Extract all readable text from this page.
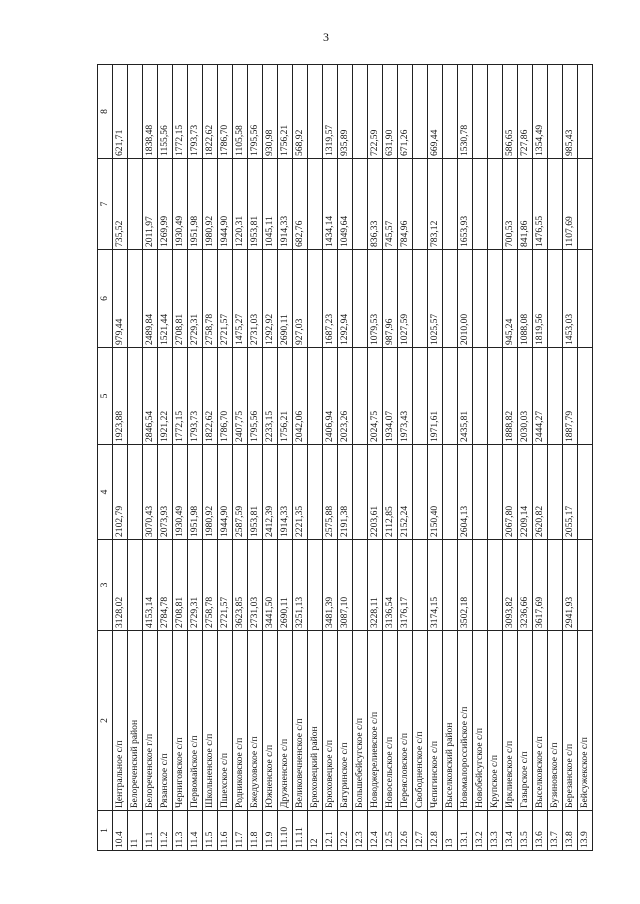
3
1	2	3	4	5	6	7	8
10.4	Центральное с/п	3128,02	2102,79	1923,88	979,44	735,52	621,71
11	Белореченский район						
11.1	Белореченское г/п	4153,14	3070,43	2846,54	2489,84	2011,97	1838,48
11.2	Рязанское с/п	2784,78	2073,93	1921,22	1521,44	1269,99	1155,56
11.3	Черниговское с/п	2708,81	1930,49	1772,15	2708,81	1930,49	1772,15
11.4	Первомайское с/п	2729,31	1951,98	1793,73	2729,31	1951,98	1793,73
11.5	Школьненское с/п	2758,78	1980,92	1822,62	2758,78	1980,92	1822,62
11.6	Пшехское с/п	2721,57	1944,90	1786,70	2721,57	1944,90	1786,70
11.7	Родниковское с/п	3623,85	2587,59	2407,75	1475,27	1220,31	1105,58
11.8	Бжедуховское с/п	2731,03	1953,81	1795,56	2731,03	1953,81	1795,56
11.9	Южненское с/п	3441,50	2412,39	2233,15	1292,92	1045,11	930,98
11.10	Дружненское с/п	2690,11	1914,33	1756,21	2690,11	1914,33	1756,21
11.11	Великовечненское с/п	3251,13	2221,35	2042,06	927,03	682,76	568,92
12	Брюховецкий район						
12.1	Брюховецкое с/п	3481,39	2575,88	2406,94	1687,23	1434,14	1319,57
12.2	Батуринское с/п	3087,10	2191,38	2023,26	1292,94	1049,64	935,89
12.3	Большебейсугское с/п						
12.4	Новоджерелиевское с/п	3228,11	2203,61	2024,75	1079,53	836,33	722,59
12.5	Новосельское с/п	3136,54	2112,85	1934,07	987,96	745,57	631,90
12.6	Переясловское с/п	3176,17	2152,24	1973,43	1027,59	784,96	671,26
12.7	Свободненское с/п						
12.8	Чепигинское с/п	3174,15	2150,40	1971,61	1025,57	783,12	669,44
13	Выселковский район						
13.1	Новомалороссийское с/п	3502,18	2604,13	2435,81	2010,00	1653,93	1530,78
13.2	Новобейсугское с/п						
13.3	Крупское с/п						
13.4	Ирклиевское с/п	3093,82	2067,80	1888,82	945,24	700,53	586,65
13.5	Газырское с/п	3236,66	2209,14	2030,03	1088,08	841,86	727,86
13.6	Выселковское с/п	3617,69	2620,82	2444,27	1819,56	1476,55	1354,49
13.7	Бузиновское с/п						
13.8	Березанское с/п	2941,93	2055,17	1887,79	1453,03	1107,69	985,43
13.9	Бейсужекское с/п						
